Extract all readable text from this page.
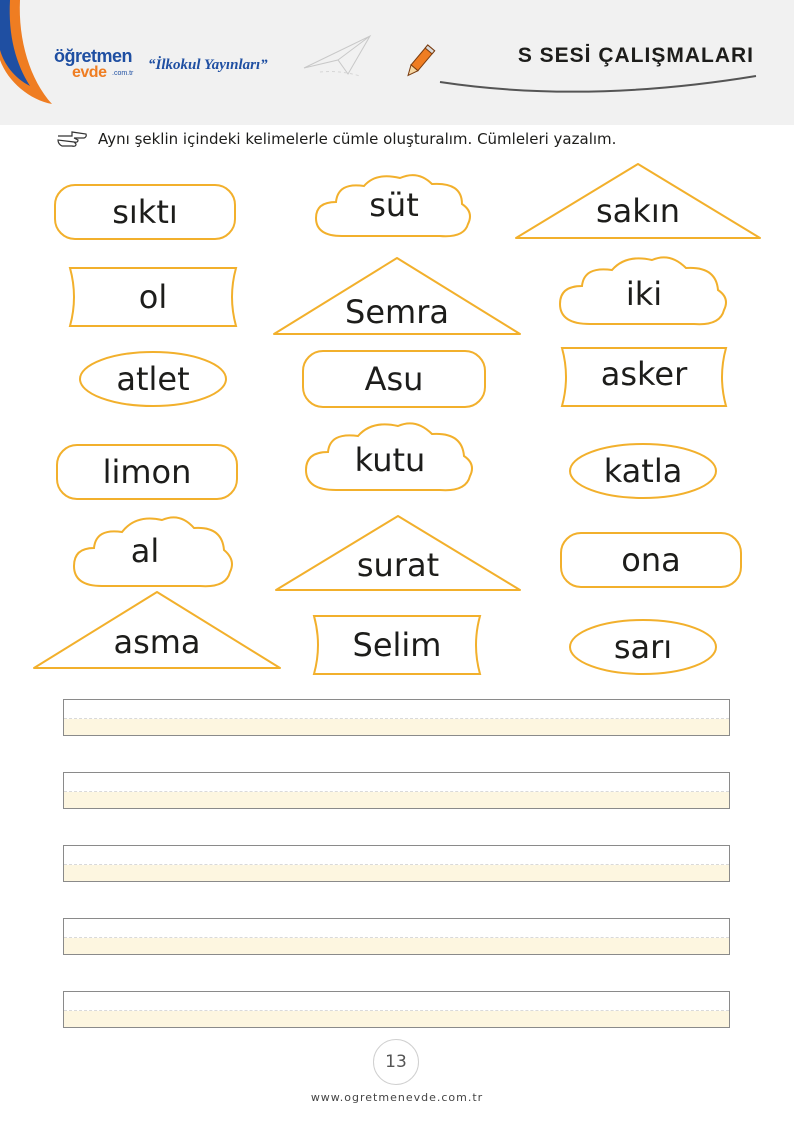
öğretmen
evde .com.tr
“İlkokul Yayınları”	S SESİ ÇALIŞMALARI
Aynı şeklin içindeki kelimelerle cümle oluşturalım. Cümleleri yazalım.
sıktı	süt	sakın
ol	Semra	iki
atlet	Asu	asker
limon	kutu	katla
al	surat	ona
asma	Selim	sarı
13
www.ogretmenevde.com.tr
